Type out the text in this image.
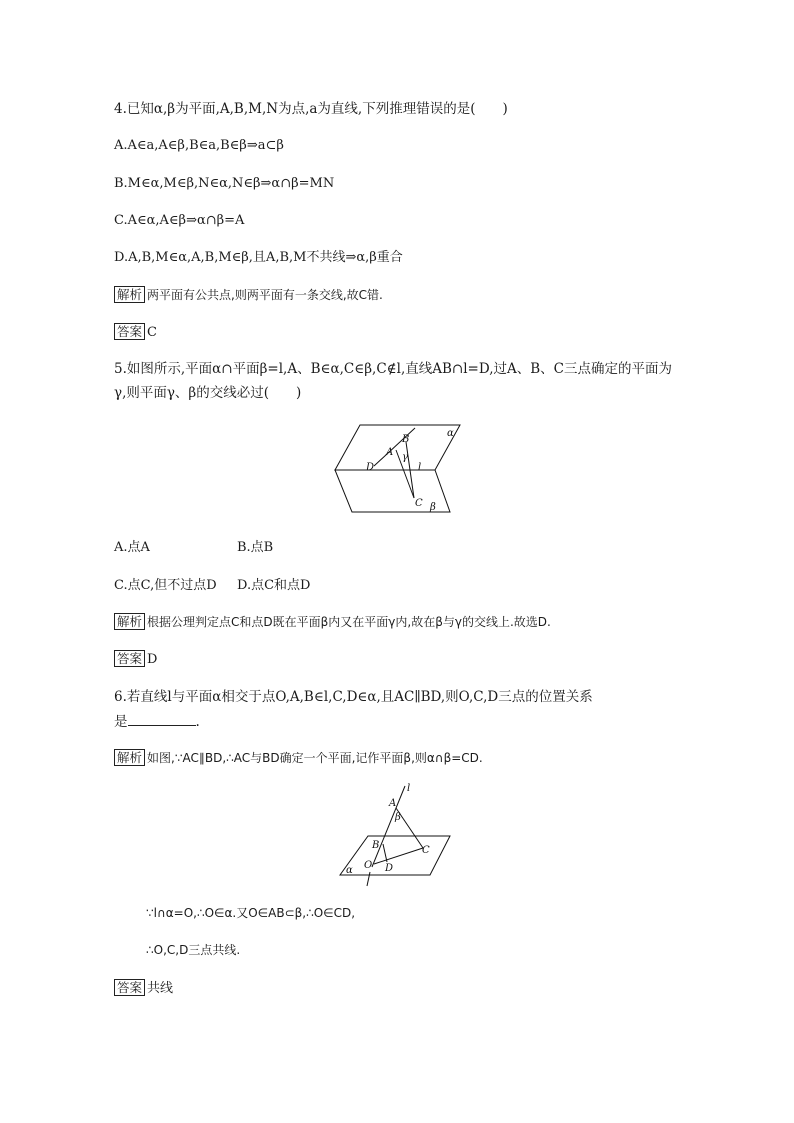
4.已知α,β为平面,A,B,M,N为点,a为直线,下列推理错误的是(　　)
A.A∈a,A∈β,B∈a,B∈β⇒a⊂β
B.M∈α,M∈β,N∈α,N∈β⇒α∩β=MN
C.A∈α,A∈β⇒α∩β=A
D.A,B,M∈α,A,B,M∈β,且A,B,M不共线⇒α,β重合
解析 两平面有公共点,则两平面有一条交线,故C错.
答案 C
5.如图所示,平面α∩平面β=l,A、B∈α,C∈β,C∉l,直线AB∩l=D,过A、B、C三点确定的平面为
γ,则平面γ、β的交线必过(　　)
α
B
A γ
D	l
C β
A.点A	B.点B
C.点C,但不过点D D.点C和点D
解析 根据公理判定点C和点D既在平面β内又在平面γ内,故在β与γ的交线上.故选D.
答案 D
6.若直线l与平面α相交于点O,A,B∈l,C,D∈α,且AC∥BD,则O,C,D三点的位置关系
是	.
解析 如图,∵AC∥BD,∴AC与BD确定一个平面,记作平面β,则α∩β=CD.
l
A
β
B	C
O D
α
∵l∩α=O,∴O∈α.又O∈AB⊂β,∴O∈CD,
∴O,C,D三点共线.
答案 共线
